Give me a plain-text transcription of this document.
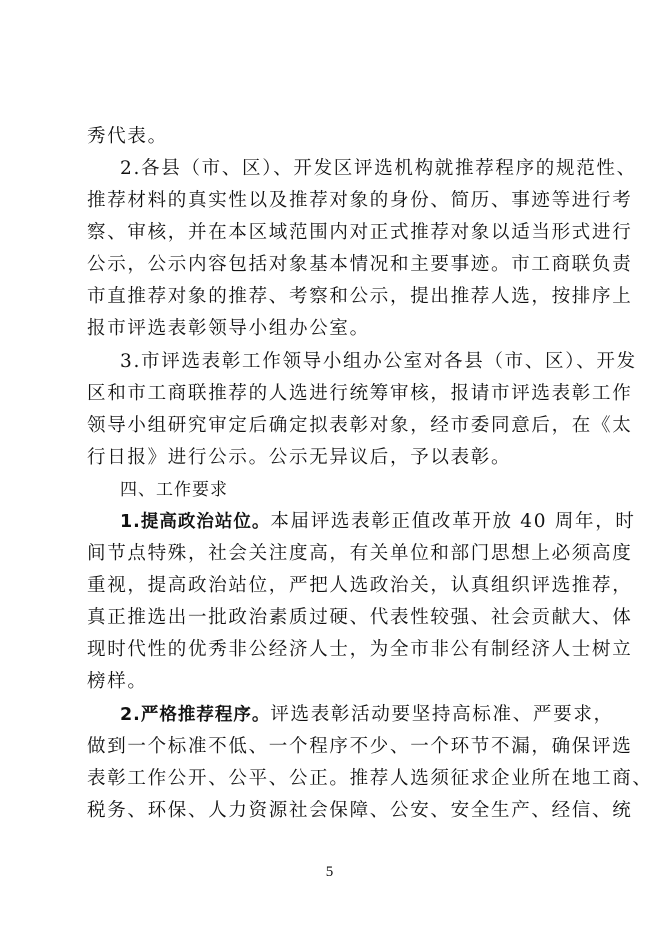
秀代表。
2.各县（市、区）、开发区评选机构就推荐程序的规范性、
推荐材料的真实性以及推荐对象的身份、简历、事迹等进行考
察、审核，并在本区域范围内对正式推荐对象以适当形式进行
公示，公示内容包括对象基本情况和主要事迹。市工商联负责
市直推荐对象的推荐、考察和公示，提出推荐人选，按排序上
报市评选表彰领导小组办公室。
3.市评选表彰工作领导小组办公室对各县（市、区）、开发
区和市工商联推荐的人选进行统筹审核，报请市评选表彰工作
领导小组研究审定后确定拟表彰对象，经市委同意后，在《太
行日报》进行公示。公示无异议后，予以表彰。
四、工作要求
1.提高政治站位。本届评选表彰正值改革开放 40 周年，时
间节点特殊，社会关注度高，有关单位和部门思想上必须高度
重视，提高政治站位，严把人选政治关，认真组织评选推荐，
真正推选出一批政治素质过硬、代表性较强、社会贡献大、体
现时代性的优秀非公经济人士，为全市非公有制经济人士树立
榜样。
2.严格推荐程序。评选表彰活动要坚持高标准、严要求，
做到一个标准不低、一个程序不少、一个环节不漏，确保评选
表彰工作公开、公平、公正。推荐人选须征求企业所在地工商、
税务、环保、人力资源社会保障、公安、安全生产、经信、统
5
